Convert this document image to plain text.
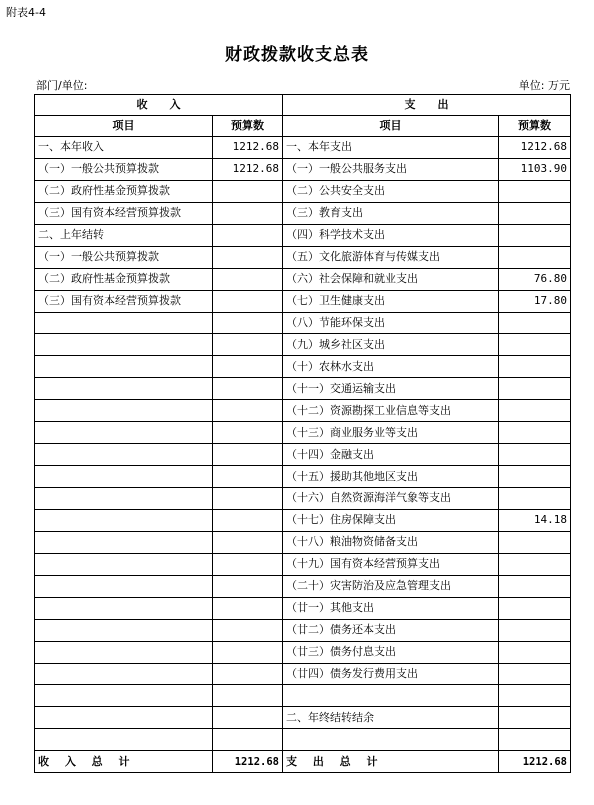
附表4-4
财政拨款收支总表
部门/单位:	单位: 万元
收　　入		支　　出	
项目	预算数	项目	预算数
一、本年收入	1212.68	一、本年支出	1212.68
（一）一般公共预算拨款	1212.68	（一）一般公共服务支出	1103.90
（二）政府性基金预算拨款		（二）公共安全支出	
（三）国有资本经营预算拨款		（三）教育支出	
二、上年结转		（四）科学技术支出	
（一）一般公共预算拨款		（五）文化旅游体育与传媒支出	
（二）政府性基金预算拨款		（六）社会保障和就业支出	76.80
（三）国有资本经营预算拨款		（七）卫生健康支出	17.80
		（八）节能环保支出	
		（九）城乡社区支出	
		（十）农林水支出	
		（十一）交通运输支出	
		（十二）资源勘探工业信息等支出	
		（十三）商业服务业等支出	
		（十四）金融支出	
		（十五）援助其他地区支出	
		（十六）自然资源海洋气象等支出	
		（十七）住房保障支出	14.18
		（十八）粮油物资储备支出	
		（十九）国有资本经营预算支出	
		（二十）灾害防治及应急管理支出	
		（廿一）其他支出	
		（廿二）债务还本支出	
		（廿三）债务付息支出	
		（廿四）债务发行费用支出	

		二、年终结转结余	

收 入 总 计	1212.68	支 出 总 计	1212.68
